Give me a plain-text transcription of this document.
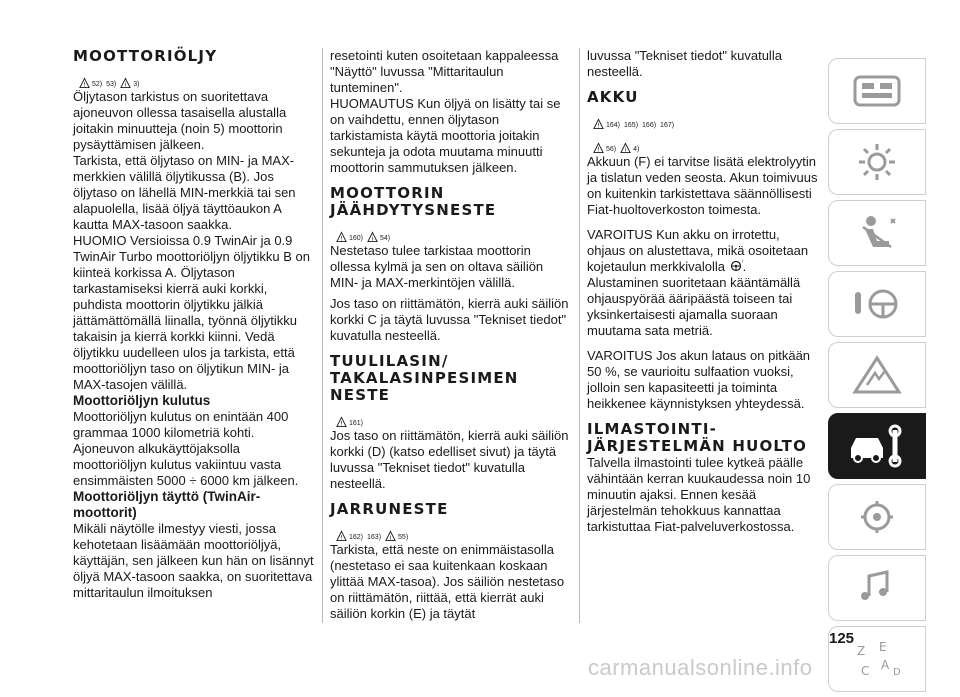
MOOTTORIÖLJY
! 52) 53) i 3)

Öljytason tarkistus on suoritettava ajoneuvon ollessa tasaisella alustalla joitakin minuutteja (noin 5) moottorin pysäyttämisen jälkeen.

Tarkista, että öljytaso on MIN- ja MAX-merkkien välillä öljytikussa (B). Jos öljytaso on lähellä MIN-merkkiä tai sen alapuolella, lisää öljyä täyttöaukon A kautta MAX-tasoon saakka.

HUOMIO Versioissa 0.9 TwinAir ja 0.9 TwinAir Turbo moottoriöljyn öljytikku B on kiinteä korkissa A. Öljytason tarkastamiseksi kierrä auki korkki, puhdista moottorin öljytikku jälkiä jättämättömällä liinalla, työnnä öljytikku takaisin ja kierrä korkki kiinni. Vedä öljytikku uudelleen ulos ja tarkista, että moottoriöljyn taso on öljytikun MIN- ja MAX-tasojen välillä.

Moottoriöljyn kulutus

Moottoriöljyn kulutus on enintään 400 grammaa 1000 kilometriä kohti. Ajoneuvon alkukäyttöjaksolla moottoriöljyn kulutus vakiintuu vasta ensimmäisten 5000 ÷ 6000 km jälkeen.

Moottoriöljyn täyttö (TwinAir-moottorit)

Mikäli näytölle ilmestyy viesti, jossa kehotetaan lisäämään moottoriöljyä, käyttäjän, sen jälkeen kun hän on lisännyt öljyä MAX-tasoon saakka, on suoritettava mittaritaulun ilmoituksen

resetointi kuten osoitetaan kappaleessa "Näyttö" luvussa "Mittaritaulun tunteminen".

HUOMAUTUS Kun öljyä on lisätty tai se on vaihdettu, ennen öljytason tarkistamista käytä moottoria joitakin sekunteja ja odota muutama minuutti moottorin sammutuksen jälkeen.

MOOTTORIN JÄÄHDYTYSNESTE
! 160) i 54)

Nestetaso tulee tarkistaa moottorin ollessa kylmä ja sen on oltava säiliön MIN- ja MAX-merkintöjen välillä.

Jos taso on riittämätön, kierrä auki säiliön korkki C ja täytä luvussa "Tekniset tiedot" kuvatulla nesteellä.

TUULILASIN/ TAKALASINPESIMEN NESTE
! 161)

Jos taso on riittämätön, kierrä auki säiliön korkki (D) (katso edelliset sivut) ja täytä luvussa "Tekniset tiedot" kuvatulla nesteellä.

JARRUNESTE
! 162) 163) i 55)

Tarkista, että neste on enimmäistasolla (nestetaso ei saa kuitenkaan koskaan ylittää MAX-tasoa). Jos säiliön nestetaso on riittämätön, riittää, että kierrät auki säiliön korkin (E) ja täytät

luvussa "Tekniset tiedot" kuvatulla nesteellä.

AKKU
! 164) 165) 166) 167)
! 56) i 4)

Akkuun (F) ei tarvitse lisätä elektrolyytin ja tislatun veden seosta. Akun toimivuus on kuitenkin tarkistettava säännöllisesti Fiat-huoltoverkoston toimesta.

VAROITUS Kun akku on irrotettu, ohjaus on alustettava, mikä osoitetaan kojetaulun merkkivalolla	! .

Alustaminen suoritetaan kääntämällä ohjauspyörää ääripäästä toiseen tai yksinkertaisesti ajamalla suoraan muutama sata metriä.

VAROITUS Jos akun lataus on pitkään 50 %, se vaurioitu sulfaation vuoksi, jolloin sen kapasiteetti ja toiminta heikkenee käynnistyksen yhteydessä.

ILMASTOINTI-JÄRJESTELMÄN HUOLTO

Talvella ilmastointi tulee kytkeä päälle vähintään kerran kuukaudessa noin 10 minuutin ajaksi. Ennen kesää järjestelmän tehokkuus kannattaa tarkistuttaa Fiat-palveluverkostossa.

Z E
A
C D
125
carmanualsonline.info
